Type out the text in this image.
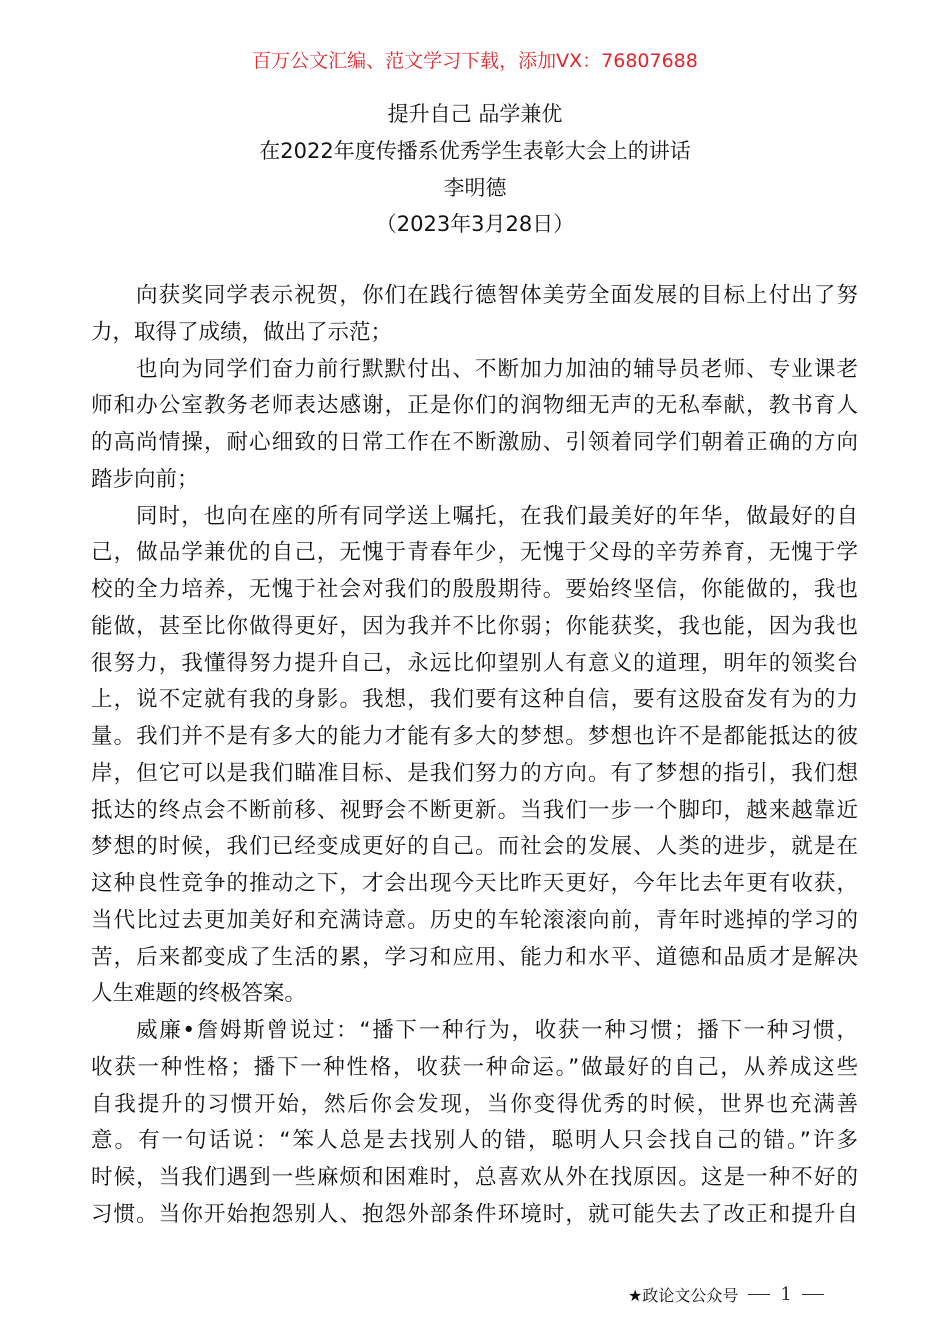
百万公文汇编、范文学习下载，添加VX：76807688
提升自己 品学兼优
在2022年度传播系优秀学生表彰大会上的讲话
李明德
（2023年3月28日）
向获奖同学表示祝贺，你们在践行德智体美劳全面发展的目标上付出了努
力，取得了成绩，做出了示范；
也向为同学们奋力前行默默付出、不断加力加油的辅导员老师、专业课老
师和办公室教务老师表达感谢，正是你们的润物细无声的无私奉献，教书育人
的高尚情操，耐心细致的日常工作在不断激励、引领着同学们朝着正确的方向
踏步向前；
同时，也向在座的所有同学送上嘱托，在我们最美好的年华，做最好的自
己，做品学兼优的自己，无愧于青春年少，无愧于父母的辛劳养育，无愧于学
校的全力培养，无愧于社会对我们的殷殷期待。要始终坚信，你能做的，我也
能做，甚至比你做得更好，因为我并不比你弱；你能获奖，我也能，因为我也
很努力，我懂得努力提升自己，永远比仰望别人有意义的道理，明年的领奖台
上，说不定就有我的身影。我想，我们要有这种自信，要有这股奋发有为的力
量。我们并不是有多大的能力才能有多大的梦想。梦想也许不是都能抵达的彼
岸，但它可以是我们瞄准目标、是我们努力的方向。有了梦想的指引，我们想
抵达的终点会不断前移、视野会不断更新。当我们一步一个脚印，越来越靠近
梦想的时候，我们已经变成更好的自己。而社会的发展、人类的进步，就是在
这种良性竞争的推动之下，才会出现今天比昨天更好，今年比去年更有收获，
当代比过去更加美好和充满诗意。历史的车轮滚滚向前，青年时逃掉的学习的
苦，后来都变成了生活的累，学习和应用、能力和水平、道德和品质才是解决
人生难题的终极答案。
威廉•詹姆斯曾说过：“播下一种行为，收获一种习惯；播下一种习惯，
收获一种性格；播下一种性格，收获一种命运。”做最好的自己，从养成这些
自我提升的习惯开始，然后你会发现，当你变得优秀的时候，世界也充满善
意。有一句话说：“笨人总是去找别人的错，聪明人只会找自己的错。”许多
时候，当我们遇到一些麻烦和困难时，总喜欢从外在找原因。这是一种不好的
习惯。当你开始抱怨别人、抱怨外部条件环境时，就可能失去了改正和提升自
★政论文公众号 1
